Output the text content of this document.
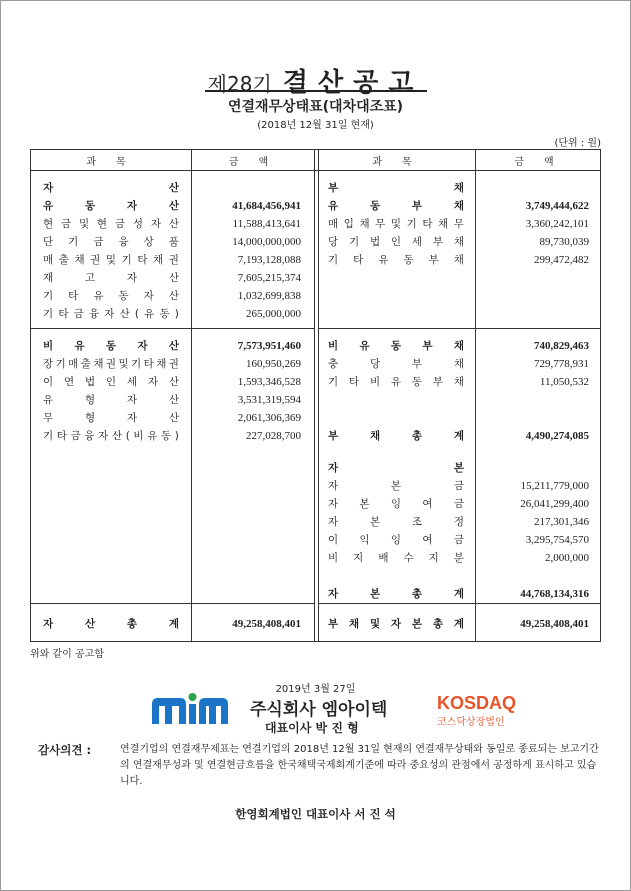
제28기 결산공고
연결재무상태표(대차대조표)
(2018년 12월 31일 현재)
(단위 : 원)
과목	금액	과목	금액
자	산
유	동	자	산	41,684,456,941
현 금 및 현 금 성 자 산	11,588,413,641
단 기 금 융 상 품	14,000,000,000
매 출 채 권 및 기 타 채 권	7,193,128,088
재	고	자	산	7,605,215,374
기 타 유 동 자 산	1,032,699,838
기 타 금 융 자 산 ( 유 동 )	265,000,000
비 유 동 자 산	7,573,951,460
장 기 매 출 채 권 및 기 타 채 권	160,950,269
이 연 법 인 세 자 산	1,593,346,528
유	형	자	산	3,531,319,594
무	형	자	산	2,061,306,369
기 타 금 융 자 산 ( 비 유 동 )	227,028,700
부	채
유	동	부	채	3,749,444,622
매 입 채 무 및 기 타 채 무	3,360,242,101
당 기 법 인 세 부 채	89,730,039
기 타 유 동 부 채	299,472,482
비 유 동 부 채	740,829,463
충	당	부	채	729,778,931
기 타 비 유 동 부 채	11,050,532
부	채	총	계	4,490,274,085
자	본
자	본	금	15,211,779,000
자 본 잉 여 금	26,041,299,400
자	본	조	정	217,301,346
이 익 잉 여 금	3,295,754,570
비 지 배 수 지 분	2,000,000
자	본	총	계	44,768,134,316
자	산	총	계	49,258,408,401	부 채 및 자 본 총 계	49,258,408,401
위와 같이 공고함
2019년 3월 27일
MIM
주식회사 엠아이텍
대표이사 박 진 형
KOSDAQ
코스닥상장법인
감사의견 :	연결기업의 연결재무제표는 연결기업의 2018년 12월 31일 현재의 연결재무상태와 동일로 종료되는 보고기간의 연결재무성과 및 연결현금흐름을 한국채택국제회계기준에 따라 중요성의 관점에서 공정하게 표시하고 있습니다.
한영회계법인 대표이사 서 진 석
